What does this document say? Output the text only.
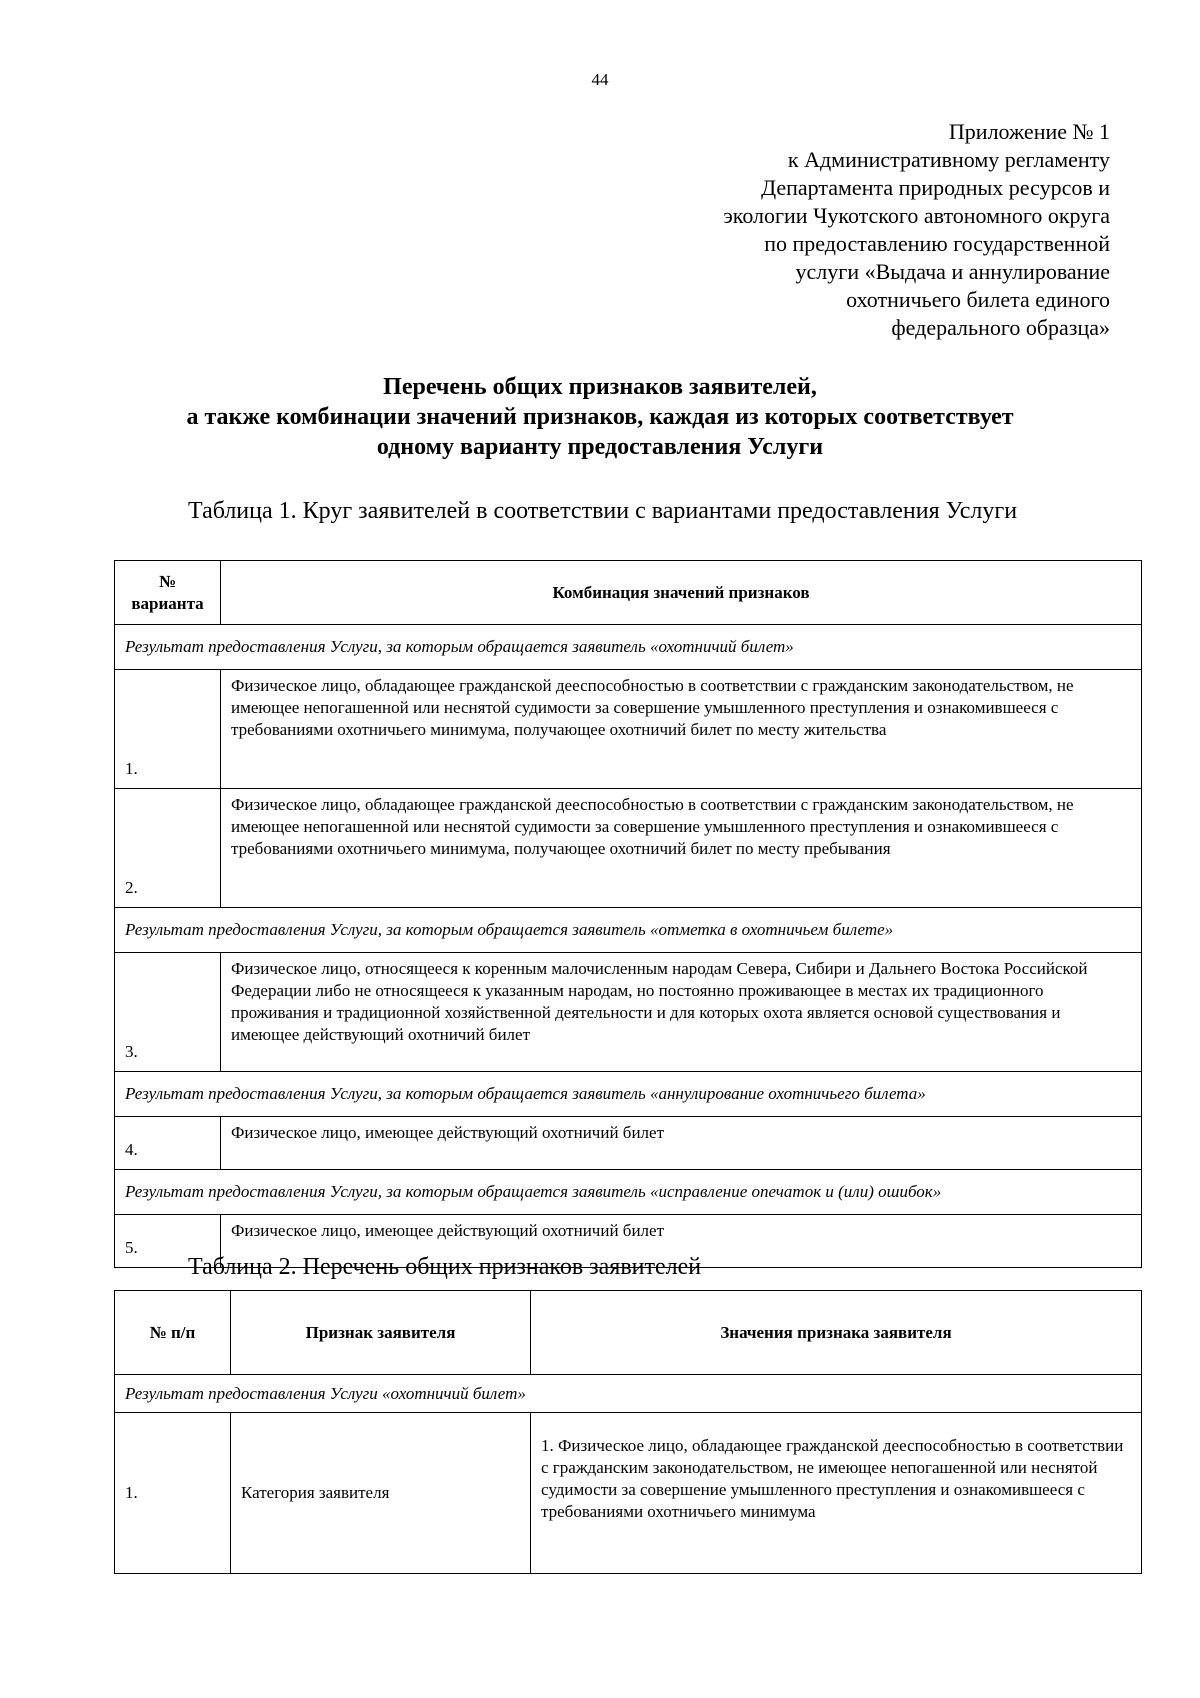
44
Приложение № 1
к Административному регламенту
Департамента природных ресурсов и
экологии Чукотского автономного округа
по предоставлению государственной
услуги «Выдача и аннулирование
охотничьего билета единого
федерального образца»
Перечень общих признаков заявителей,
а также комбинации значений признаков, каждая из которых соответствует
одному варианту предоставления Услуги
Таблица 1. Круг заявителей в соответствии с вариантами предоставления Услуги
№ варианта	Комбинация значений признаков
Результат предоставления Услуги, за которым обращается заявитель «охотничий билет»	
1.	Физическое лицо, обладающее гражданской дееспособностью в соответствии с гражданским законодательством, не имеющее непогашенной или неснятой судимости за совершение умышленного преступления и ознакомившееся с требованиями охотничьего минимума, получающее охотничий билет по месту жительства
2.	Физическое лицо, обладающее гражданской дееспособностью в соответствии с гражданским законодательством, не имеющее непогашенной или неснятой судимости за совершение умышленного преступления и ознакомившееся с требованиями охотничьего минимума, получающее охотничий билет по месту пребывания
Результат предоставления Услуги, за которым обращается заявитель «отметка в охотничьем билете»	
3.	Физическое лицо, относящееся к коренным малочисленным народам Севера, Сибири и Дальнего Востока Российской Федерации либо не относящееся к указанным народам, но постоянно проживающее в местах их традиционного проживания и традиционной хозяйственной деятельности и для которых охота является основой существования и имеющее действующий охотничий билет
Результат предоставления Услуги, за которым обращается заявитель «аннулирование охотничьего билета»	
4.	Физическое лицо, имеющее действующий охотничий билет
Результат предоставления Услуги, за которым обращается заявитель «исправление опечаток и (или) ошибок»	
5.	Физическое лицо, имеющее действующий охотничий билет
Таблица 2. Перечень общих признаков заявителей
№ п/п	Признак заявителя	Значения признака заявителя
Результат предоставления Услуги «охотничий билет»		
1.	Категория заявителя	1. Физическое лицо, обладающее гражданской дееспособностью в соответствии с гражданским законодательством, не имеющее непогашенной или неснятой судимости за совершение умышленного преступления и ознакомившееся с требованиями охотничьего минимума
